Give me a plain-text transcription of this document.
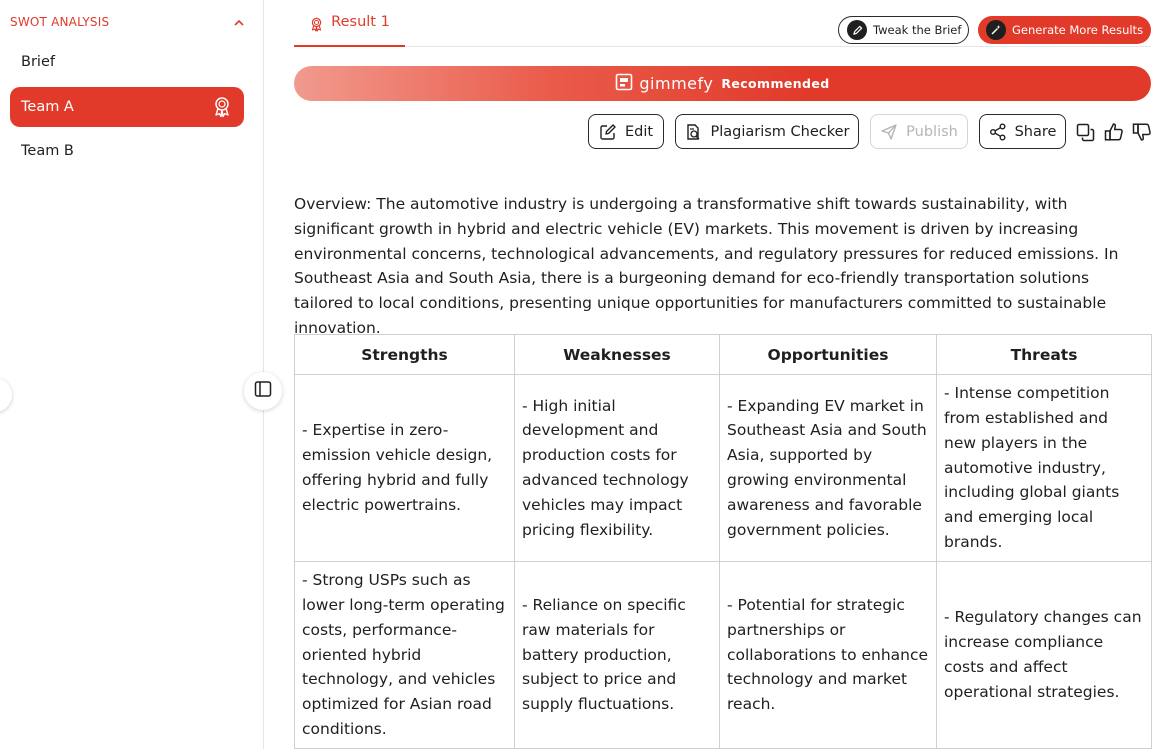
SWOT ANALYSIS
Brief
Team A
Team B
Result 1	Tweak the Brief	Generate More Results
gimmefy Recommended
Edit	Plagiarism Checker	Publish	Share

Overview: The automotive industry is undergoing a transformative shift towards sustainability, with significant growth in hybrid and electric vehicle (EV) markets. This movement is driven by increasing environmental concerns, technological advancements, and regulatory pressures for reduced emissions. In Southeast Asia and South Asia, there is a burgeoning demand for eco-friendly transportation solutions tailored to local conditions, presenting unique opportunities for manufacturers committed to sustainable innovation.

Strengths	Weaknesses	Opportunities	Threats
- Expertise in zero-emission vehicle design, offering hybrid and fully electric powertrains.	- High initial development and production costs for advanced technology vehicles may impact pricing flexibility.	- Expanding EV market in Southeast Asia and South Asia, supported by growing environmental awareness and favorable government policies.	- Intense competition from established and new players in the automotive industry, including global giants and emerging local brands.
- Strong USPs such as lower long-term operating costs, performance-oriented hybrid technology, and vehicles optimized for Asian road conditions.	- Reliance on specific raw materials for battery production, subject to price and supply fluctuations.	- Potential for strategic partnerships or collaborations to enhance technology and market reach.	- Regulatory changes can increase compliance costs and affect operational strategies.
